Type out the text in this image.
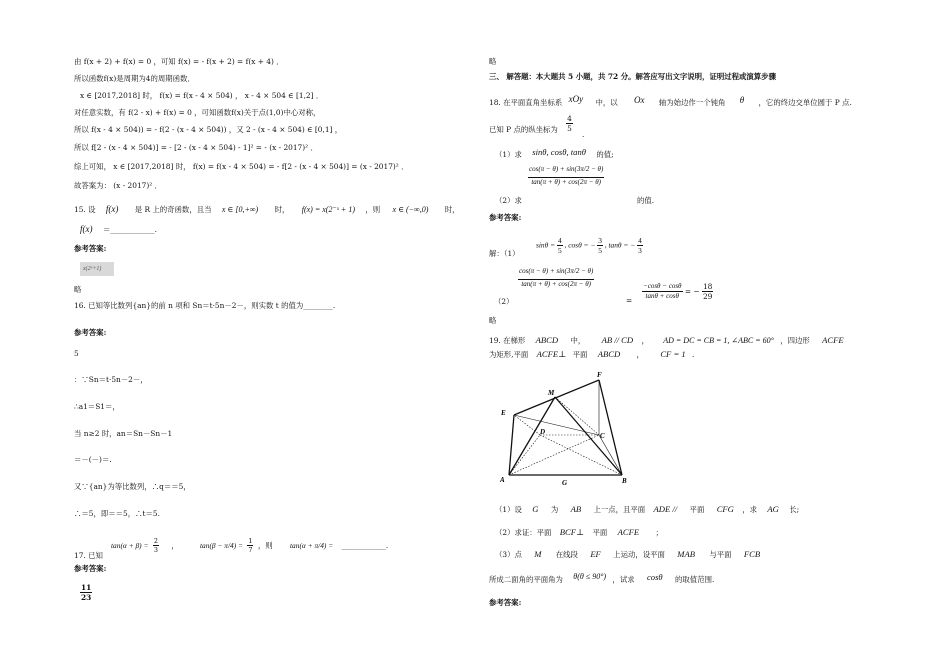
由 f(x + 2) + f(x) = 0 ，可知 f(x) = - f(x + 2) = f(x + 4) ．
所以函数f(x)是周期为4的周期函数．
x ∈ [2017,2018] 时， f(x) = f(x - 4 × 504) ， x - 4 × 504 ∈ [1,2] ．
对任意实数，有 f(2 - x) + f(x) = 0 ，可知函数f(x)关于点(1,0)中心对称，
所以 f(x - 4 × 504)) = - f(2 - (x - 4 × 504)) ，又 2 - (x - 4 × 504) ∈ [0,1] ，
所以 f[2 - (x - 4 × 504)] = - [2 - (x - 4 × 504) - 1]² = - (x - 2017)² ．
综上可知， x ∈ [2017,2018] 时， f(x) = f(x - 4 × 504) = - f[2 - (x - 4 × 504)] = (x - 2017)² ．
故答案为： (x - 2017)² ．
15. 设 f(x) 是 R 上的奇函数，且当 x ∈ [0,+∞) 时， f(x) = x(2⁻ˣ + 1) ，则 x ∈ (−∞,0) 时，
f(x) ＝____________.
参考答案:
x(2ˣ+1)
略
16. 已知等比数列{an}的前 n 项和 Sn＝t·5n－2－，则实数 t 的值为________.
参考答案:
5
：∵Sn＝t·5n－2－，
∴a1＝S1＝，
当 n≥2 时，an＝Sn－Sn－1
＝－(－)＝.
又∵{an}为等比数列，∴q＝＝5，
∴＝5，即＝＝5，∴t＝5.
17. 已知
$\tan(\alpha + \beta) = \frac{2}{3}$ ，	$\tan(\beta - \pi/4) = \frac{1}{7}$ ，则 tan(α + π/4) = ____________.
参考答案:
$\frac{11}{23}$
略
三、 解答题：本大题共 5 小题，共 72 分。解答应写出文字说明，证明过程或演算步骤
18. 在平面直角坐标系 xOy 中，以 Ox 轴为始边作一个钝角 θ ，它的终边交单位圆于 P 点.
已知 P 点的纵坐标为 $\frac{4}{5}$
.
（1）求 sinθ, cosθ, tanθ 的值;
（2）求
$\frac{\cos(\pi - \theta) + \sin(3\pi/2 - \theta)}{\tan(\pi + \theta) + \cos(2\pi - \theta)}$
的值.
参考答案:
解：（1）
$\sin\theta = \frac{4}{5}$ , cosθ = − $\frac{3}{5}$ , tanθ = − $\frac{4}{3}$
（2）
$\frac{\cos(\pi - \theta) + \sin(3\pi/2 - \theta)}{\tan(\pi + \theta) + \cos(2\pi - \theta)}$
=
$\frac{-\cos\theta - \cos\theta}{\tan\theta + \cos\theta}$ = − $\frac{18}{29}$
略
19. 在梯形 ABCD 中， AB // CD ， AD = DC = CB = 1, ∠ABC = 60° ，四边形 ACFE
为矩形,平面 ACFE⊥ 平面 ABCD ， CF = 1 .
F
M
E
D	C
A	G	B
（1）设 G 为 AB 上一点，且平面 ADE // 平面 CFG ，求 AG 长;
（2）求证：平面 BCF⊥ 平面 ACFE ；
（3）点 M 在线段 EF 上运动，设平面 MAB 与平面 FCB
所成二面角的平面角为 θ(θ ≤ 90°) ，试求 cosθ 的取值范围.
参考答案:
